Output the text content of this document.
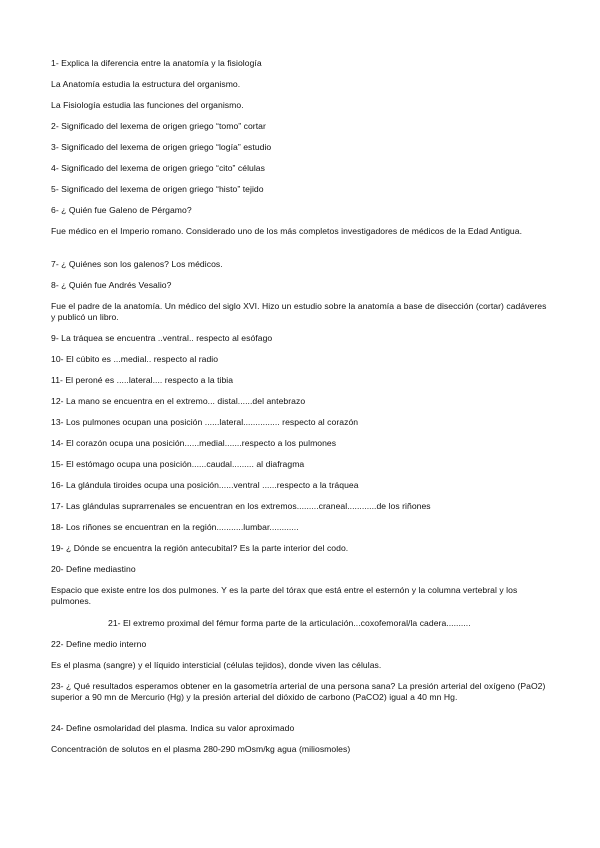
1- Explica la diferencia entre la anatomía y la fisiología
La Anatomía estudia la estructura del organismo.
La Fisiología estudia las funciones del organismo.
2- Significado del lexema de origen griego “tomo” cortar
3- Significado del lexema de origen griego “logía” estudio
4- Significado del lexema de origen griego “cito” células
5- Significado del lexema de origen griego “histo” tejido
6- ¿ Quién fue Galeno de Pérgamo?
Fue médico en el Imperio romano. Considerado uno de los más completos investigadores de médicos de la Edad Antigua.
7- ¿ Quiénes son los galenos? Los médicos.
8- ¿ Quién fue Andrés Vesalio?
Fue el padre de la anatomía. Un médico del siglo XVI. Hizo un estudio sobre la anatomía a base de disección (cortar) cadáveres y publicó un libro.
9- La tráquea se encuentra ..ventral.. respecto al esófago
10- El cúbito es ...medial.. respecto al radio
11- El peroné es .....lateral.... respecto a la tibia
12- La mano se encuentra en el extremo... distal......del antebrazo
13- Los pulmones ocupan una posición ......lateral............... respecto al corazón
14- El corazón ocupa una posición......medial.......respecto a los pulmones
15- El estómago ocupa una posición......caudal......... al diafragma
16- La glándula tiroides ocupa una posición......ventral ......respecto a la tráquea
17- Las glándulas suprarrenales se encuentran en los extremos.........craneal............de los riñones
18- Los riñones se encuentran en la región...........lumbar............
19- ¿ Dónde se encuentra la región antecubital? Es la parte interior del codo.
20- Define mediastino
Espacio que existe entre los dos pulmones. Y es la parte del tórax que está entre el esternón y la columna vertebral y los pulmones.
21- El extremo proximal del fémur forma parte de la articulación...coxofemoral/la cadera..........
22- Define medio interno
Es el plasma (sangre) y el líquido intersticial (células tejidos), donde viven las células.
23- ¿ Qué resultados esperamos obtener en la gasometría arterial de una persona sana? La presión arterial del oxígeno (PaO2) superior a 90 mn de Mercurio (Hg) y la presión arterial del dióxido de carbono (PaCO2) igual a 40 mn Hg.
24- Define osmolaridad del plasma. Indica su valor aproximado
Concentración de solutos en el plasma 280-290 mOsm/kg agua (miliosmoles)
